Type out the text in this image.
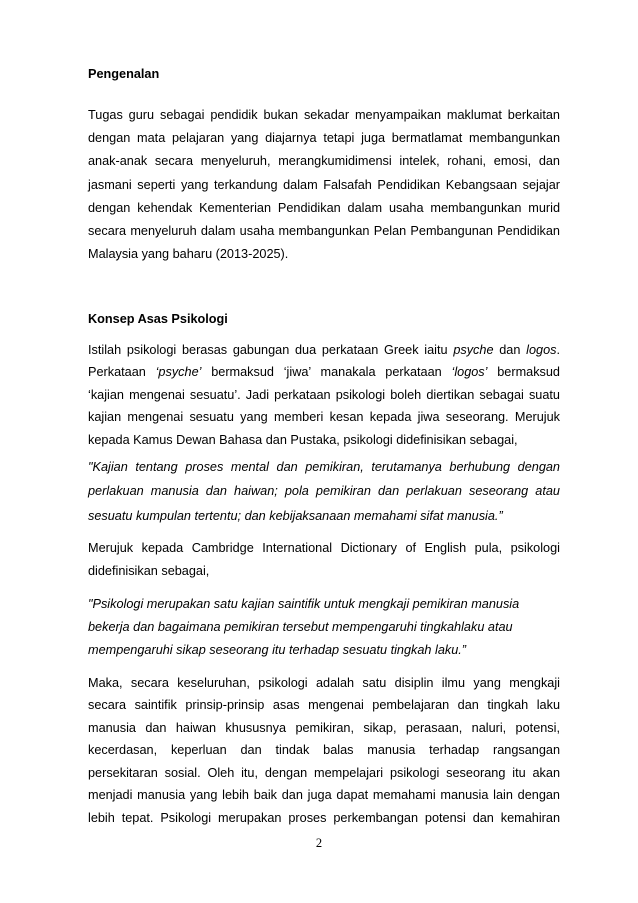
Pengenalan
Tugas guru sebagai pendidik bukan sekadar menyampaikan maklumat berkaitan
dengan mata pelajaran yang diajarnya tetapi juga bermatlamat membangunkan
anak-anak secara menyeluruh, merangkumidimensi intelek, rohani, emosi, dan
jasmani seperti yang terkandung dalam Falsafah Pendidikan Kebangsaan sejajar
dengan kehendak Kementerian Pendidikan dalam usaha membangunkan murid
secara menyeluruh dalam usaha membangunkan Pelan Pembangunan Pendidikan
Malaysia yang baharu (2013-2025).
Konsep Asas Psikologi
Istilah psikologi berasas gabungan dua perkataan Greek iaitu psyche dan logos.
Perkataan ‘psyche’ bermaksud ‘jiwa’ manakala perkataan ‘logos’ bermaksud
‘kajian mengenai sesuatu’. Jadi perkataan psikologi boleh diertikan sebagai suatu
kajian mengenai sesuatu yang memberi kesan kepada jiwa seseorang. Merujuk
kepada Kamus Dewan Bahasa dan Pustaka, psikologi didefinisikan sebagai,
"Kajian tentang proses mental dan pemikiran, terutamanya berhubung dengan
perlakuan manusia dan haiwan; pola pemikiran dan perlakuan seseorang atau
sesuatu kumpulan tertentu; dan kebijaksanaan memahami sifat manusia.”
Merujuk kepada Cambridge International Dictionary of English pula, psikologi
didefinisikan sebagai,
"Psikologi merupakan satu kajian saintifik untuk mengkaji pemikiran manusia
bekerja dan bagaimana pemikiran tersebut mempengaruhi tingkahlaku atau
mempengaruhi sikap seseorang itu terhadap sesuatu tingkah laku.”
Maka, secara keseluruhan, psikologi adalah satu disiplin ilmu yang mengkaji
secara saintifik prinsip-prinsip asas mengenai pembelajaran dan tingkah laku
manusia dan haiwan khususnya pemikiran, sikap, perasaan, naluri, potensi,
kecerdasan, keperluan dan tindak balas manusia terhadap rangsangan
persekitaran sosial. Oleh itu, dengan mempelajari psikologi seseorang itu akan
menjadi manusia yang lebih baik dan juga dapat memahami manusia lain dengan
lebih tepat. Psikologi merupakan proses perkembangan potensi dan kemahiran
2
